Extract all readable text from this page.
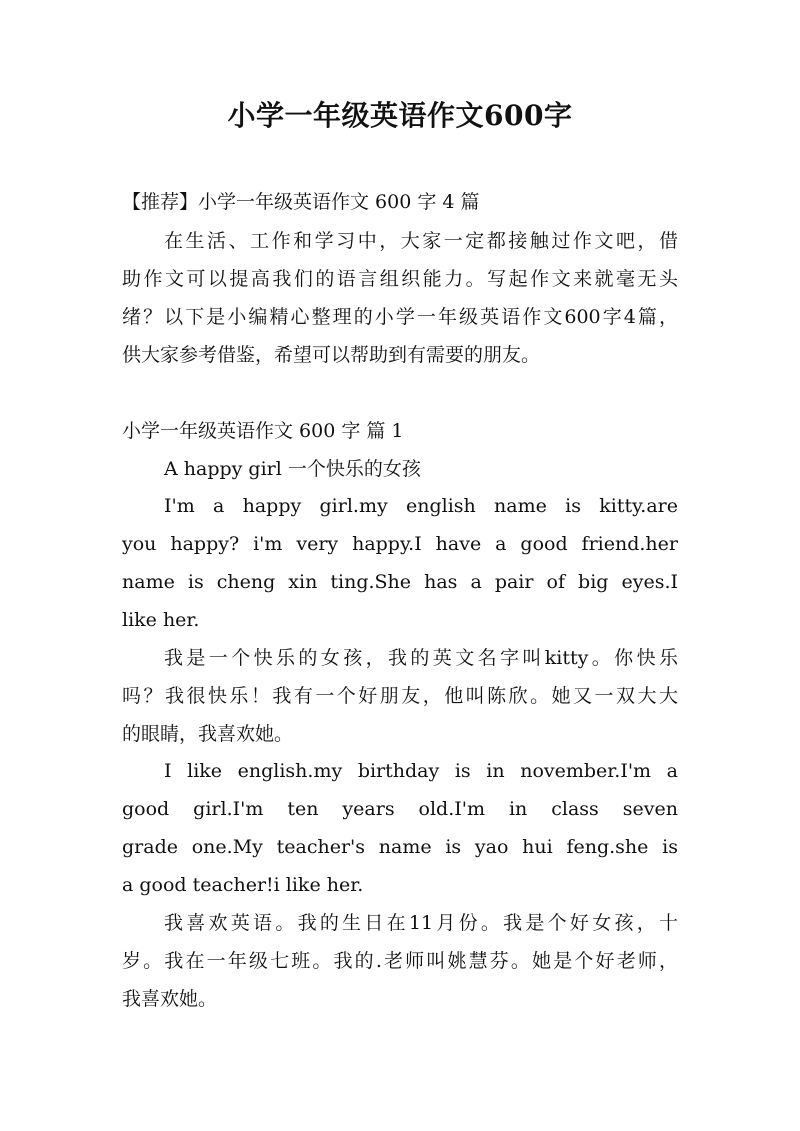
小学一年级英语作文600字
【推荐】小学一年级英语作文 600 字 4 篇
在生活、工作和学习中，大家一定都接触过作文吧，借
助作文可以提高我们的语言组织能力。写起作文来就毫无头
绪？以下是小编精心整理的小学一年级英语作文600字4篇，
供大家参考借鉴，希望可以帮助到有需要的朋友。
小学一年级英语作文 600 字 篇 1
A happy girl 一个快乐的女孩
I'm a happy girl.my english name is kitty.are
you happy? i'm very happy.I have a good friend.her
name is cheng xin ting.She has a pair of big eyes.I
like her.
我是一个快乐的女孩，我的英文名字叫kitty。你快乐
吗？我很快乐！我有一个好朋友，他叫陈欣。她又一双大大
的眼睛，我喜欢她。
I like english.my birthday is in november.I'm a
good girl.I'm ten years old.I'm in class seven
grade one.My teacher's name is yao hui feng.she is
a good teacher!i like her.
我喜欢英语。我的生日在11月份。我是个好女孩，十
岁。我在一年级七班。我的.老师叫姚慧芬。她是个好老师，
我喜欢她。
